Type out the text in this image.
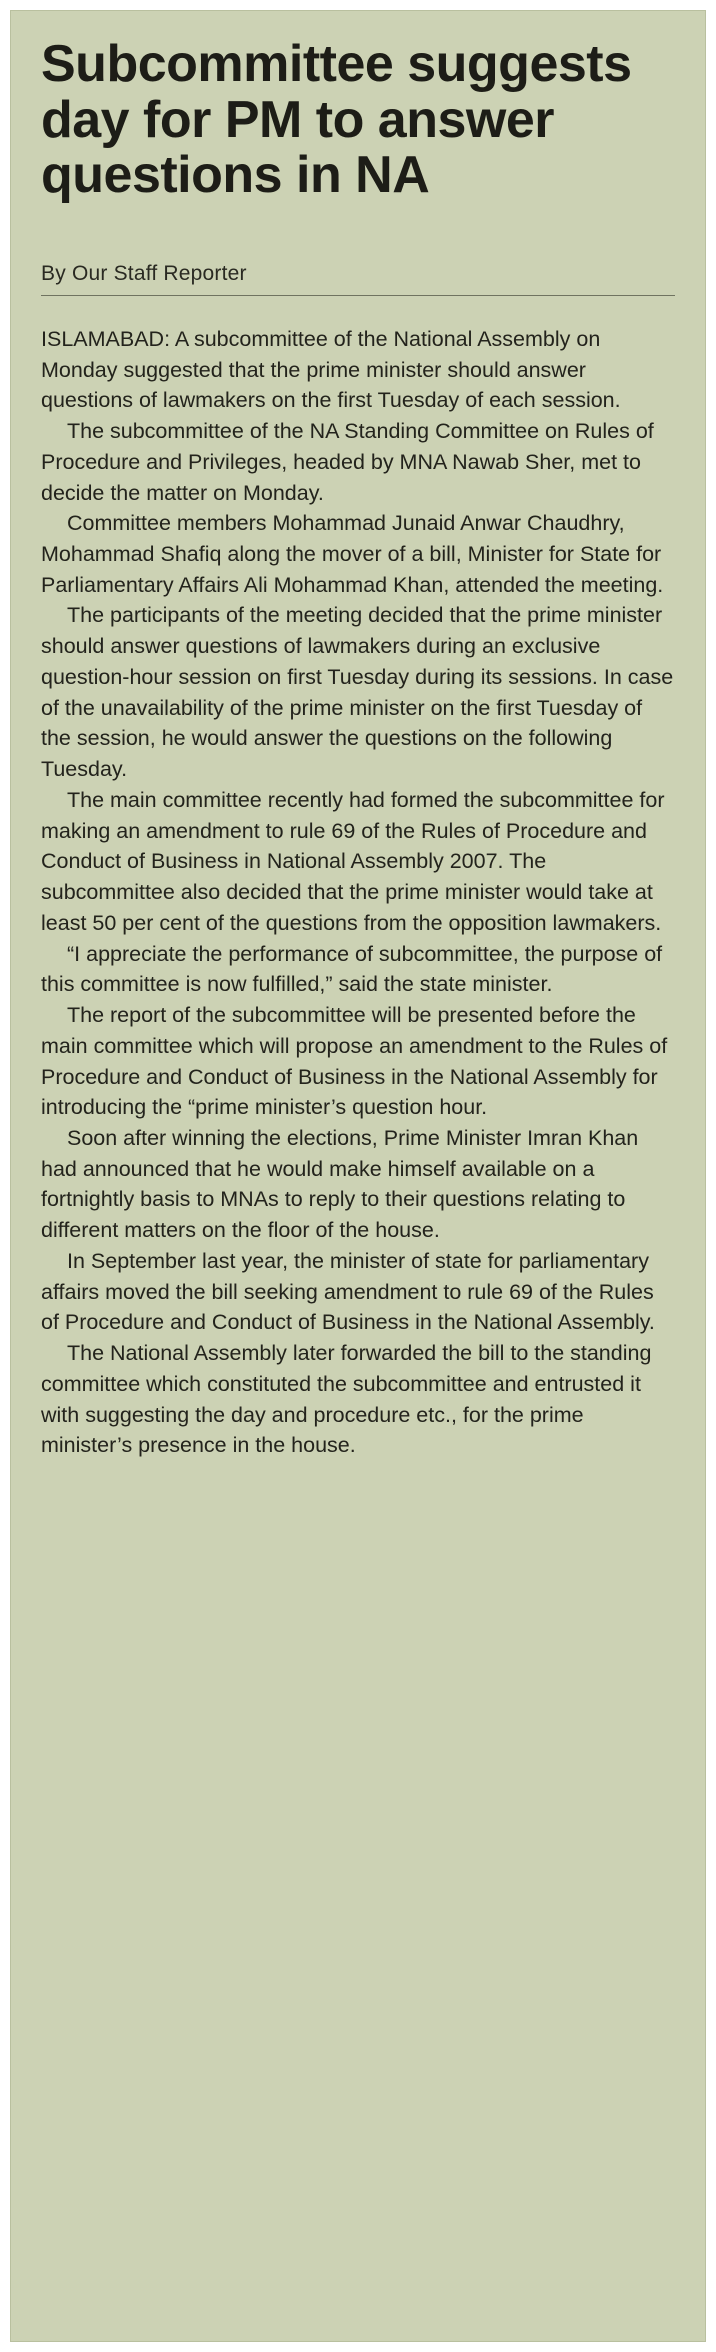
Subcommittee suggests day for PM to answer questions in NA
By Our Staff Reporter

ISLAMABAD: A subcommittee of the National Assembly on Monday suggested that the prime minister should answer questions of lawmakers on the first Tuesday of each session.

The subcommittee of the NA Standing Committee on Rules of Procedure and Privileges, headed by MNA Nawab Sher, met to decide the matter on Monday.

Committee members Mohammad Junaid Anwar Chaudhry, Mohammad Shafiq along the mover of a bill, Minister for State for Parliamentary Affairs Ali Mohammad Khan, attended the meeting.

The participants of the meeting decided that the prime minister should answer questions of lawmakers during an exclusive question-hour session on first Tuesday during its sessions. In case of the unavailability of the prime minister on the first Tuesday of the session, he would answer the questions on the following Tuesday.

The main committee recently had formed the subcommittee for making an amendment to rule 69 of the Rules of Procedure and Conduct of Business in National Assembly 2007. The subcommittee also decided that the prime minister would take at least 50 per cent of the questions from the opposition lawmakers.

“I appreciate the performance of subcommittee, the purpose of this committee is now fulfilled,” said the state minister.

The report of the subcommittee will be presented before the main committee which will propose an amendment to the Rules of Procedure and Conduct of Business in the National Assembly for introducing the “prime minister’s question hour.

Soon after winning the elections, Prime Minister Imran Khan had announced that he would make himself available on a fortnightly basis to MNAs to reply to their questions relating to different matters on the floor of the house.

In September last year, the minister of state for parliamentary affairs moved the bill seeking amendment to rule 69 of the Rules of Procedure and Conduct of Business in the National Assembly.

The National Assembly later forwarded the bill to the standing committee which constituted the subcommittee and entrusted it with suggesting the day and procedure etc., for the prime minister’s presence in the house.
